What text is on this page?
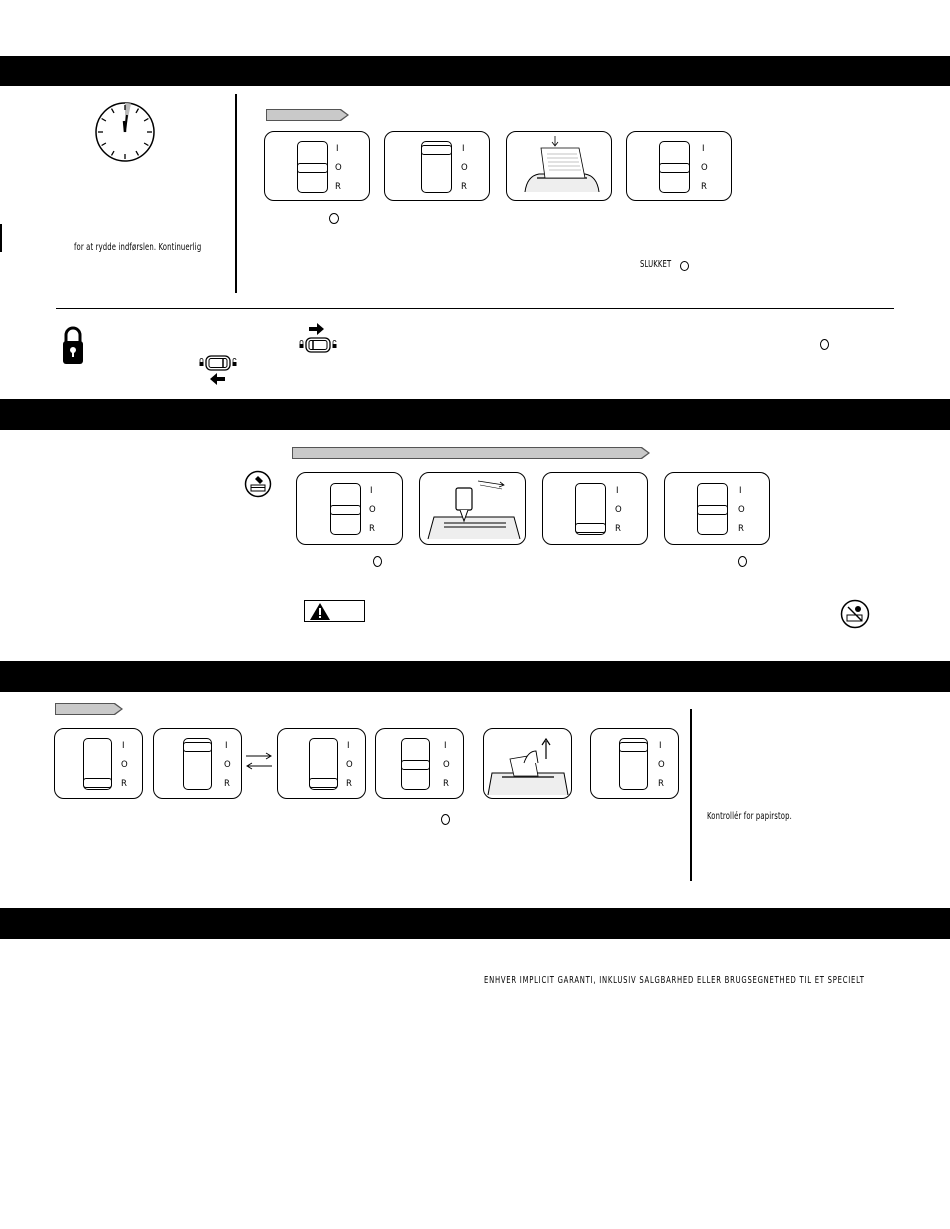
for at rydde indførslen. Kontinuerlig
I
O
R
I
O
R
I
O
R
SLUKKET
I
O
R
I
O
R
I
O
R
I
O
R
I
O
R
I
O
R
I
O
R
I
O
R
Kontrollér for papirstop.
ENHVER IMPLICIT GARANTI, INKLUSIV SALGBARHED ELLER BRUGSEGNETHED TIL ET SPECIELT
